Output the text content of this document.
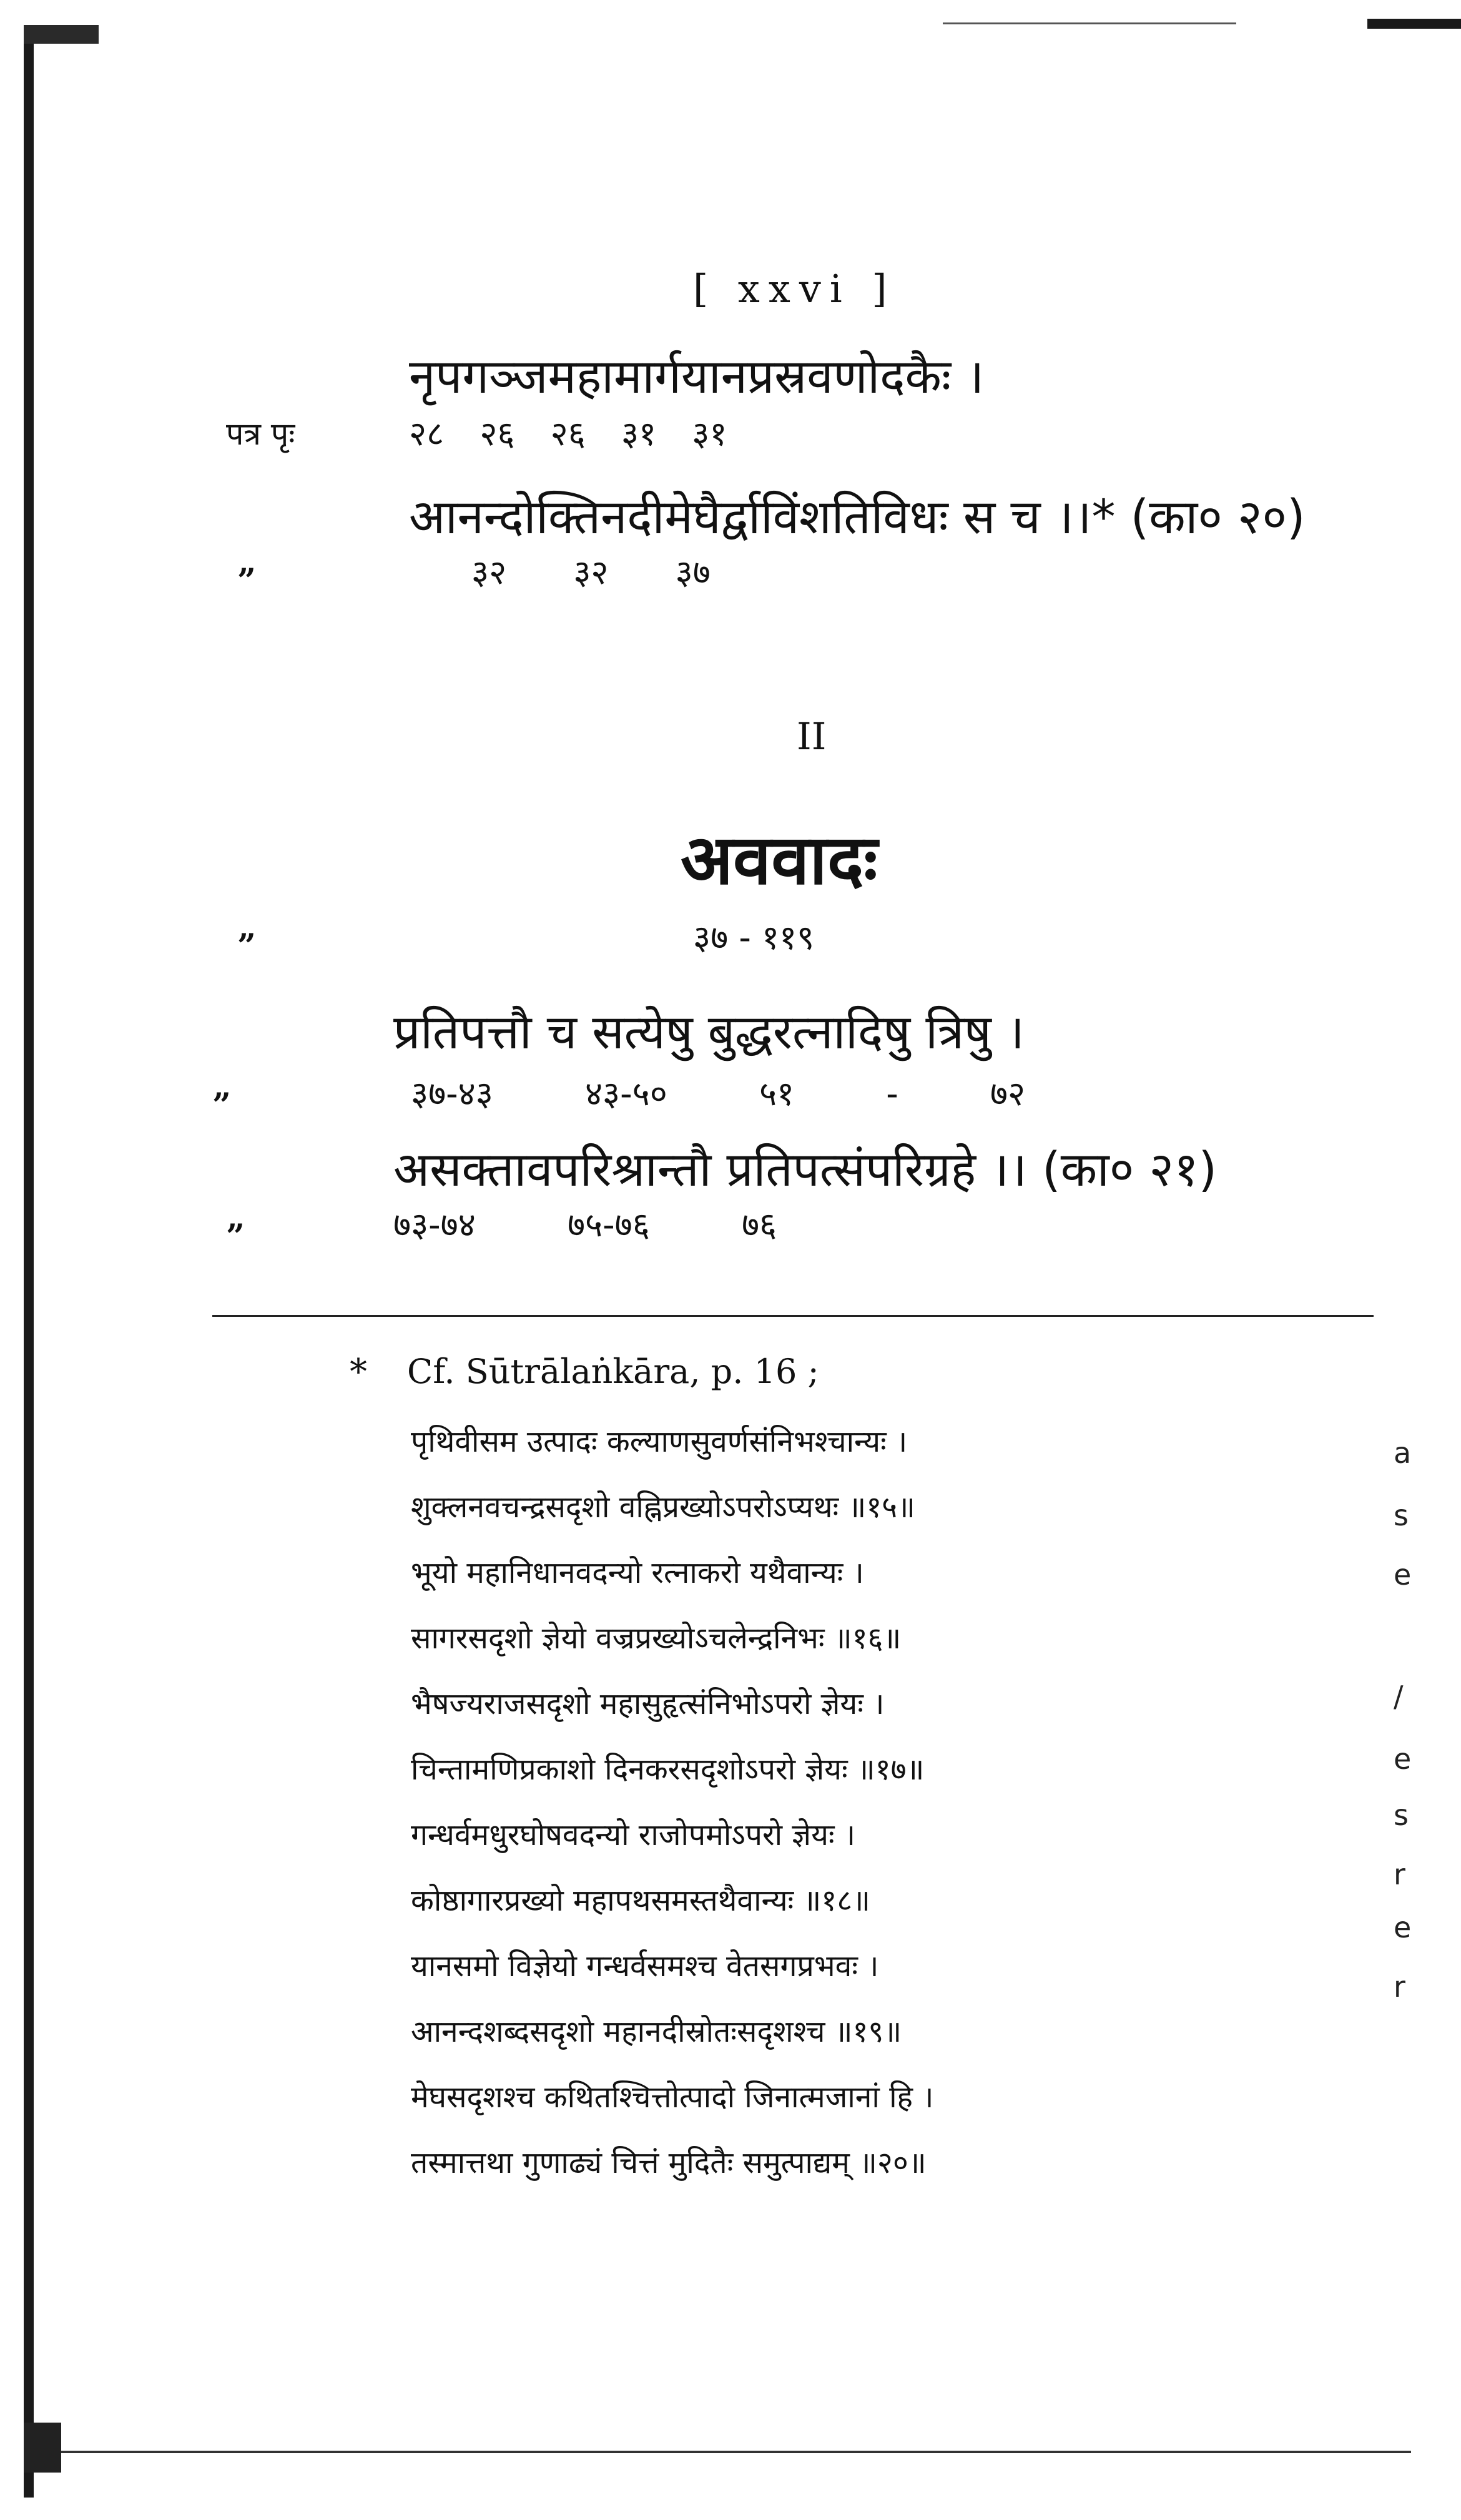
a
s
e
/
e
s
r
e
r
[ xxvi ]
नृपगञ्जमहामार्गयानप्रस्रवणोदकैः ।
पत्र पृः	२८ २६ २६ ३१ ३१
आनन्दोक्तिनदीमेघैर्द्वाविंशतिविधः स च ।।* (का० २०)
”	३२ ३२ ३७
II
अववादः
”	३७ - ११९
प्रतिपत्तौ च सत्येषु बुद्धरत्नादिषु त्रिषु ।
”	३७-४३ ४३-५० ५१ - ७२
असक्तावपरिश्रान्तौ प्रतिपत्संपरिग्रहे ।। (का० २१)
”	७३-७४ ७५-७६ ७६
* Cf. Sūtrālaṅkāra, p. 16 ;
पृथिवीसम उत्पादः कल्याणसुवर्णसंनिभश्चान्यः ।
शुक्लनवचन्द्रसदृशो वह्निप्रख्योऽपरोऽप्यथः ॥१५॥
भूयो महानिधानवदन्यो रत्नाकरो यथैवान्यः ।
सागरसदृशो ज्ञेयो वज्रप्रख्योऽचलेन्द्रनिभः ॥१६॥
भैषज्यराजसदृशो महासुहृत्संनिभोऽपरो ज्ञेयः ।
चिन्तामणिप्रकाशो दिनकरसदृशोऽपरो ज्ञेयः ॥१७॥
गन्धर्वमधुरघोषवदन्यो राजोपमोऽपरो ज्ञेयः ।
कोष्ठागारप्रख्यो महापथसमस्तथैवान्यः ॥१८॥
यानसमो विज्ञेयो गन्धर्वसमश्च वेतसगप्रभवः ।
आनन्दशब्दसदृशो महानदीस्रोतःसदृशश्च ॥१९॥
मेघसदृशश्च कथितश्चित्तोत्पादो जिनात्मजानां हि ।
तस्मात्तथा गुणाढ्यं चित्तं मुदितैः समुत्पाद्यम् ॥२०॥
